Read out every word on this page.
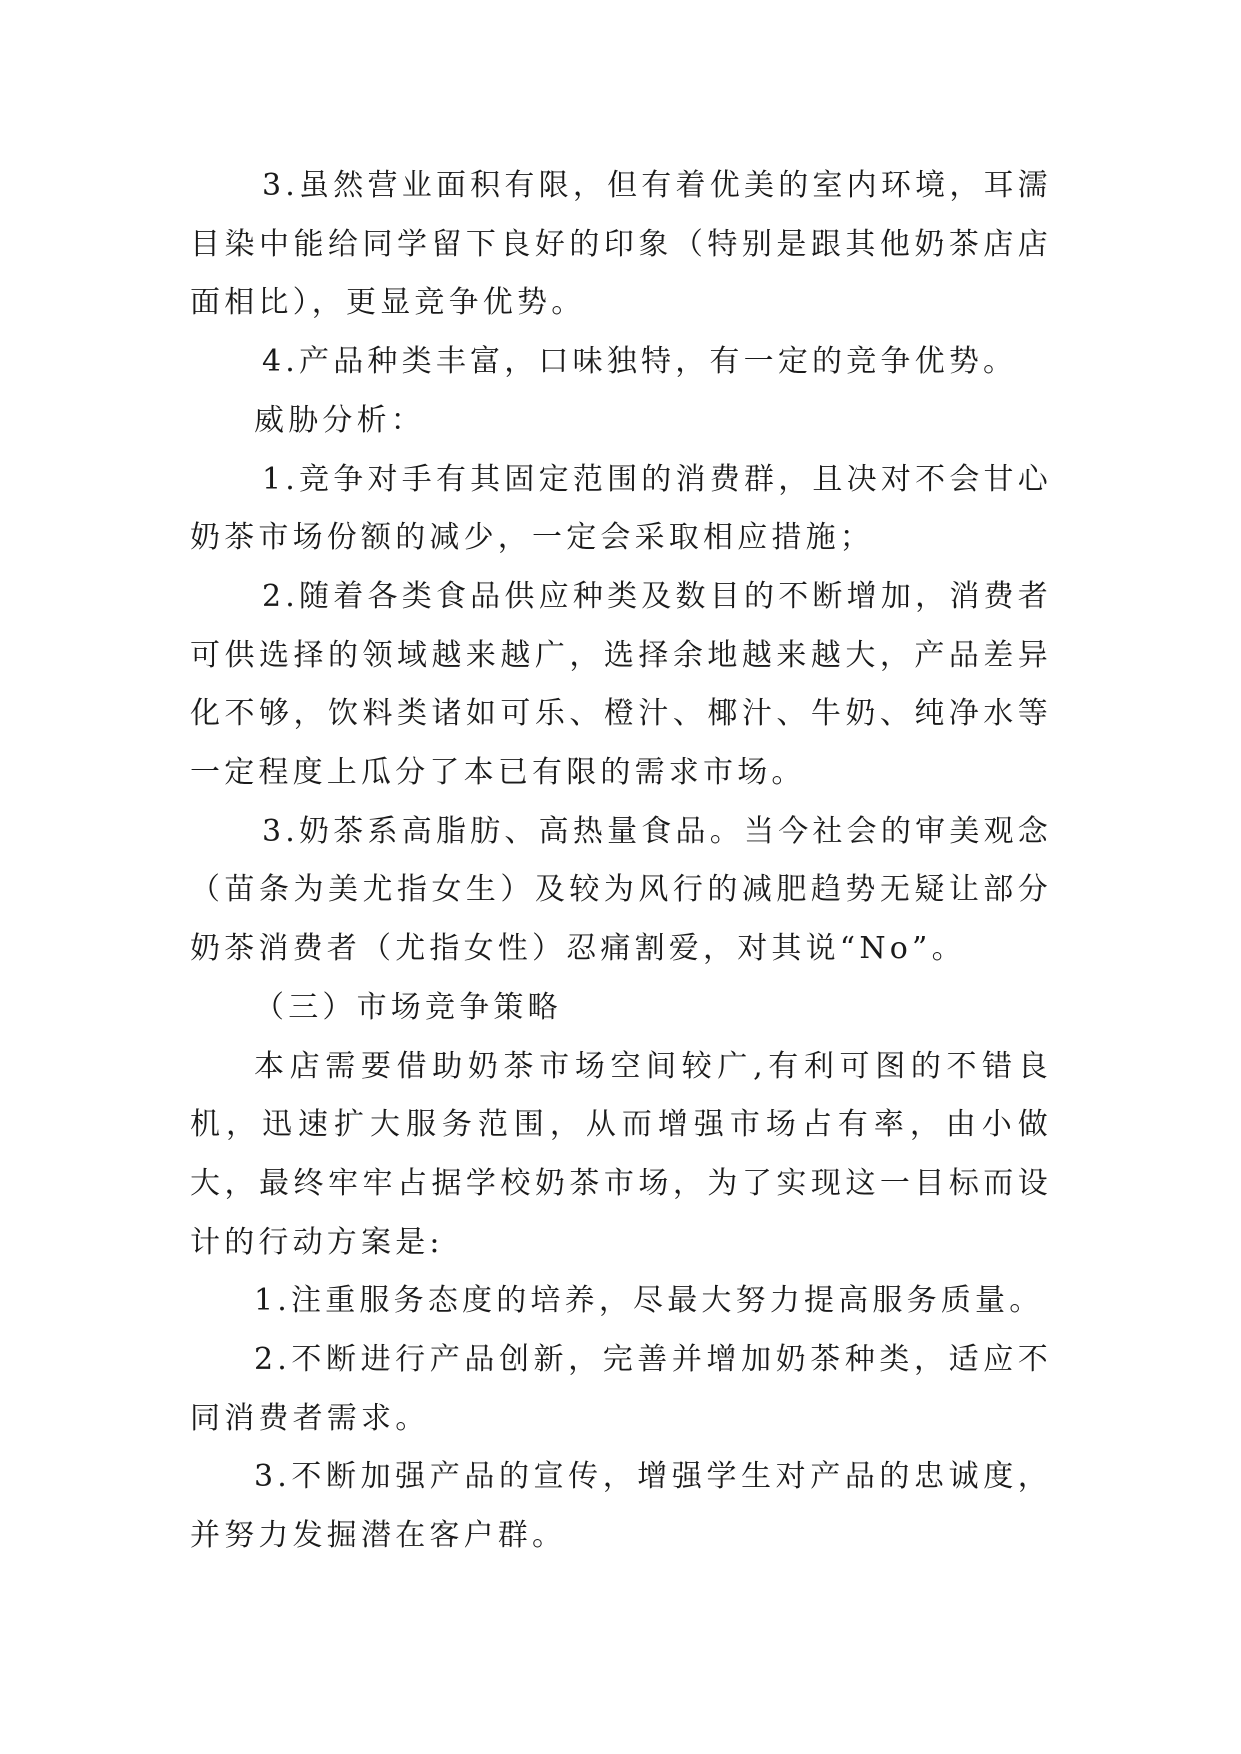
3.虽然营业面积有限，但有着优美的室内环境，耳濡目染中能给同学留下良好的印象（特别是跟其他奶茶店店面相比），更显竞争优势。

4.产品种类丰富，口味独特，有一定的竞争优势。

威胁分析：

1.竞争对手有其固定范围的消费群，且决对不会甘心奶茶市场份额的减少，一定会采取相应措施；

2.随着各类食品供应种类及数目的不断增加，消费者可供选择的领域越来越广，选择余地越来越大，产品差异化不够，饮料类诸如可乐、橙汁、椰汁、牛奶、纯净水等一定程度上瓜分了本已有限的需求市场。

3.奶茶系高脂肪、高热量食品。当今社会的审美观念（苗条为美尤指女生）及较为风行的减肥趋势无疑让部分奶茶消费者（尤指女性）忍痛割爱，对其说“No”。

（三）市场竞争策略

本店需要借助奶茶市场空间较广,有利可图的不错良机，迅速扩大服务范围，从而增强市场占有率，由小做大，最终牢牢占据学校奶茶市场，为了实现这一目标而设计的行动方案是:

1.注重服务态度的培养，尽最大努力提高服务质量。

2.不断进行产品创新，完善并增加奶茶种类，适应不同消费者需求。

3.不断加强产品的宣传，增强学生对产品的忠诚度，并努力发掘潜在客户群。
